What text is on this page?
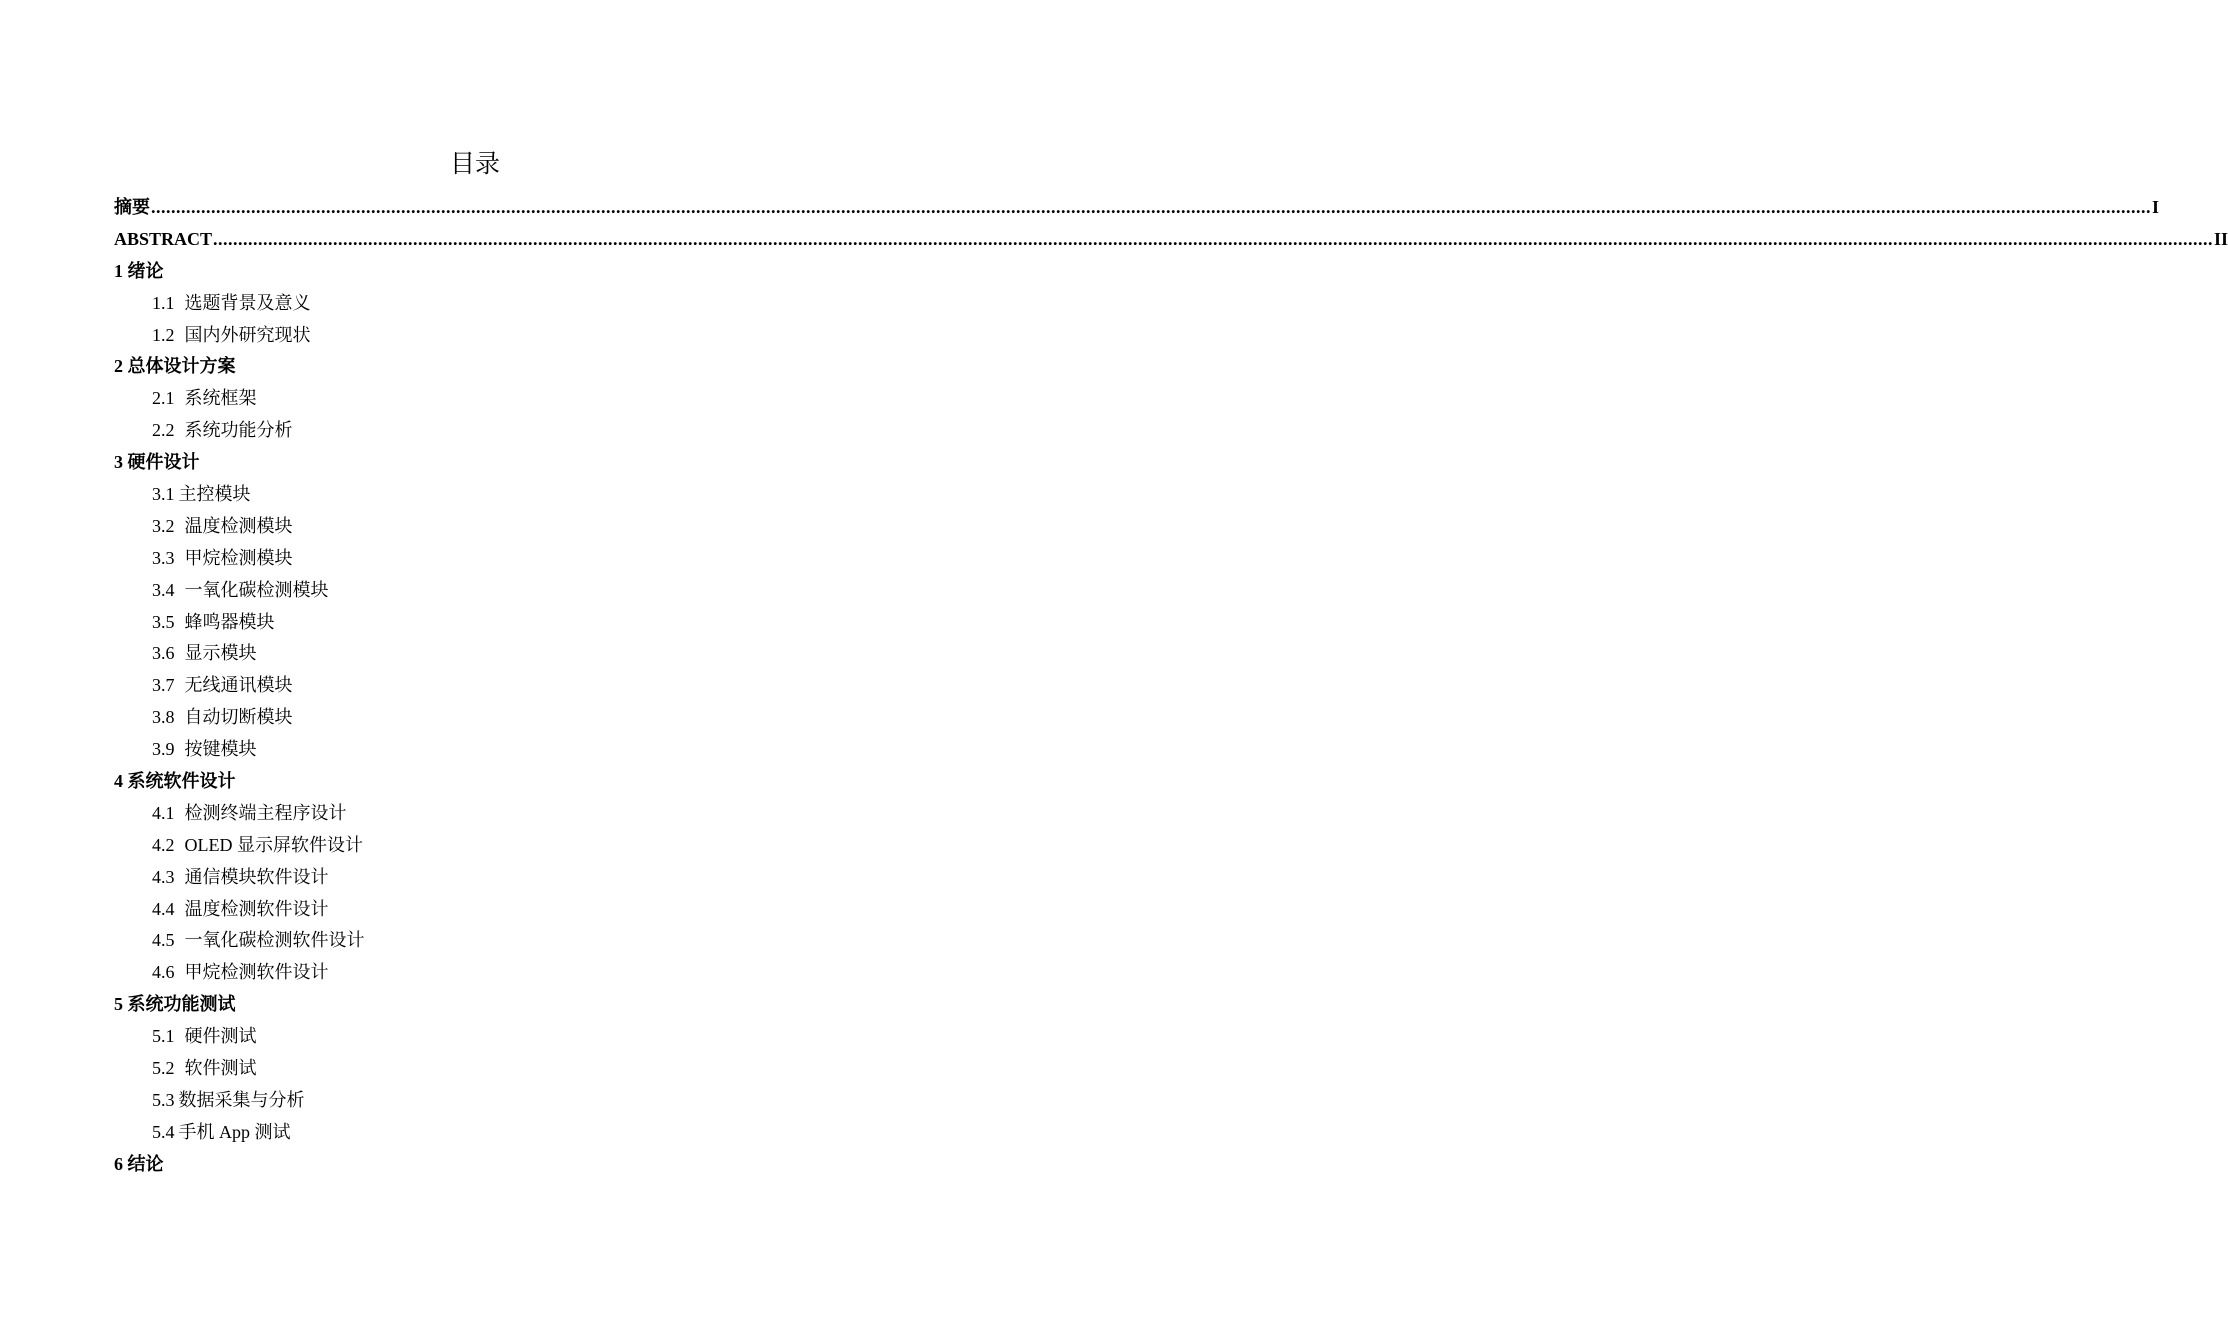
目录
摘要 ................................................................................................................................................................................................................................................................................................................................................................................................................ I
ABSTRACT ................................................................................................................................................................................................................................................................................................................................................................................................................ II
1 绪论
1.1 选题背景及意义
1.2 国内外研究现状
2 总体设计方案
2.1 系统框架
2.2 系统功能分析
3 硬件设计
3.1 主控模块
3.2 温度检测模块
3.3 甲烷检测模块
3.4 一氧化碳检测模块
3.5 蜂鸣器模块
3.6 显示模块
3.7 无线通讯模块
3.8 自动切断模块
3.9 按键模块
4 系统软件设计
4.1 检测终端主程序设计
4.2 OLED 显示屏软件设计
4.3 通信模块软件设计
4.4 温度检测软件设计
4.5 一氧化碳检测软件设计
4.6 甲烷检测软件设计
5 系统功能测试
5.1 硬件测试
5.2 软件测试
5.3 数据采集与分析
5.4 手机 App 测试
6 结论
